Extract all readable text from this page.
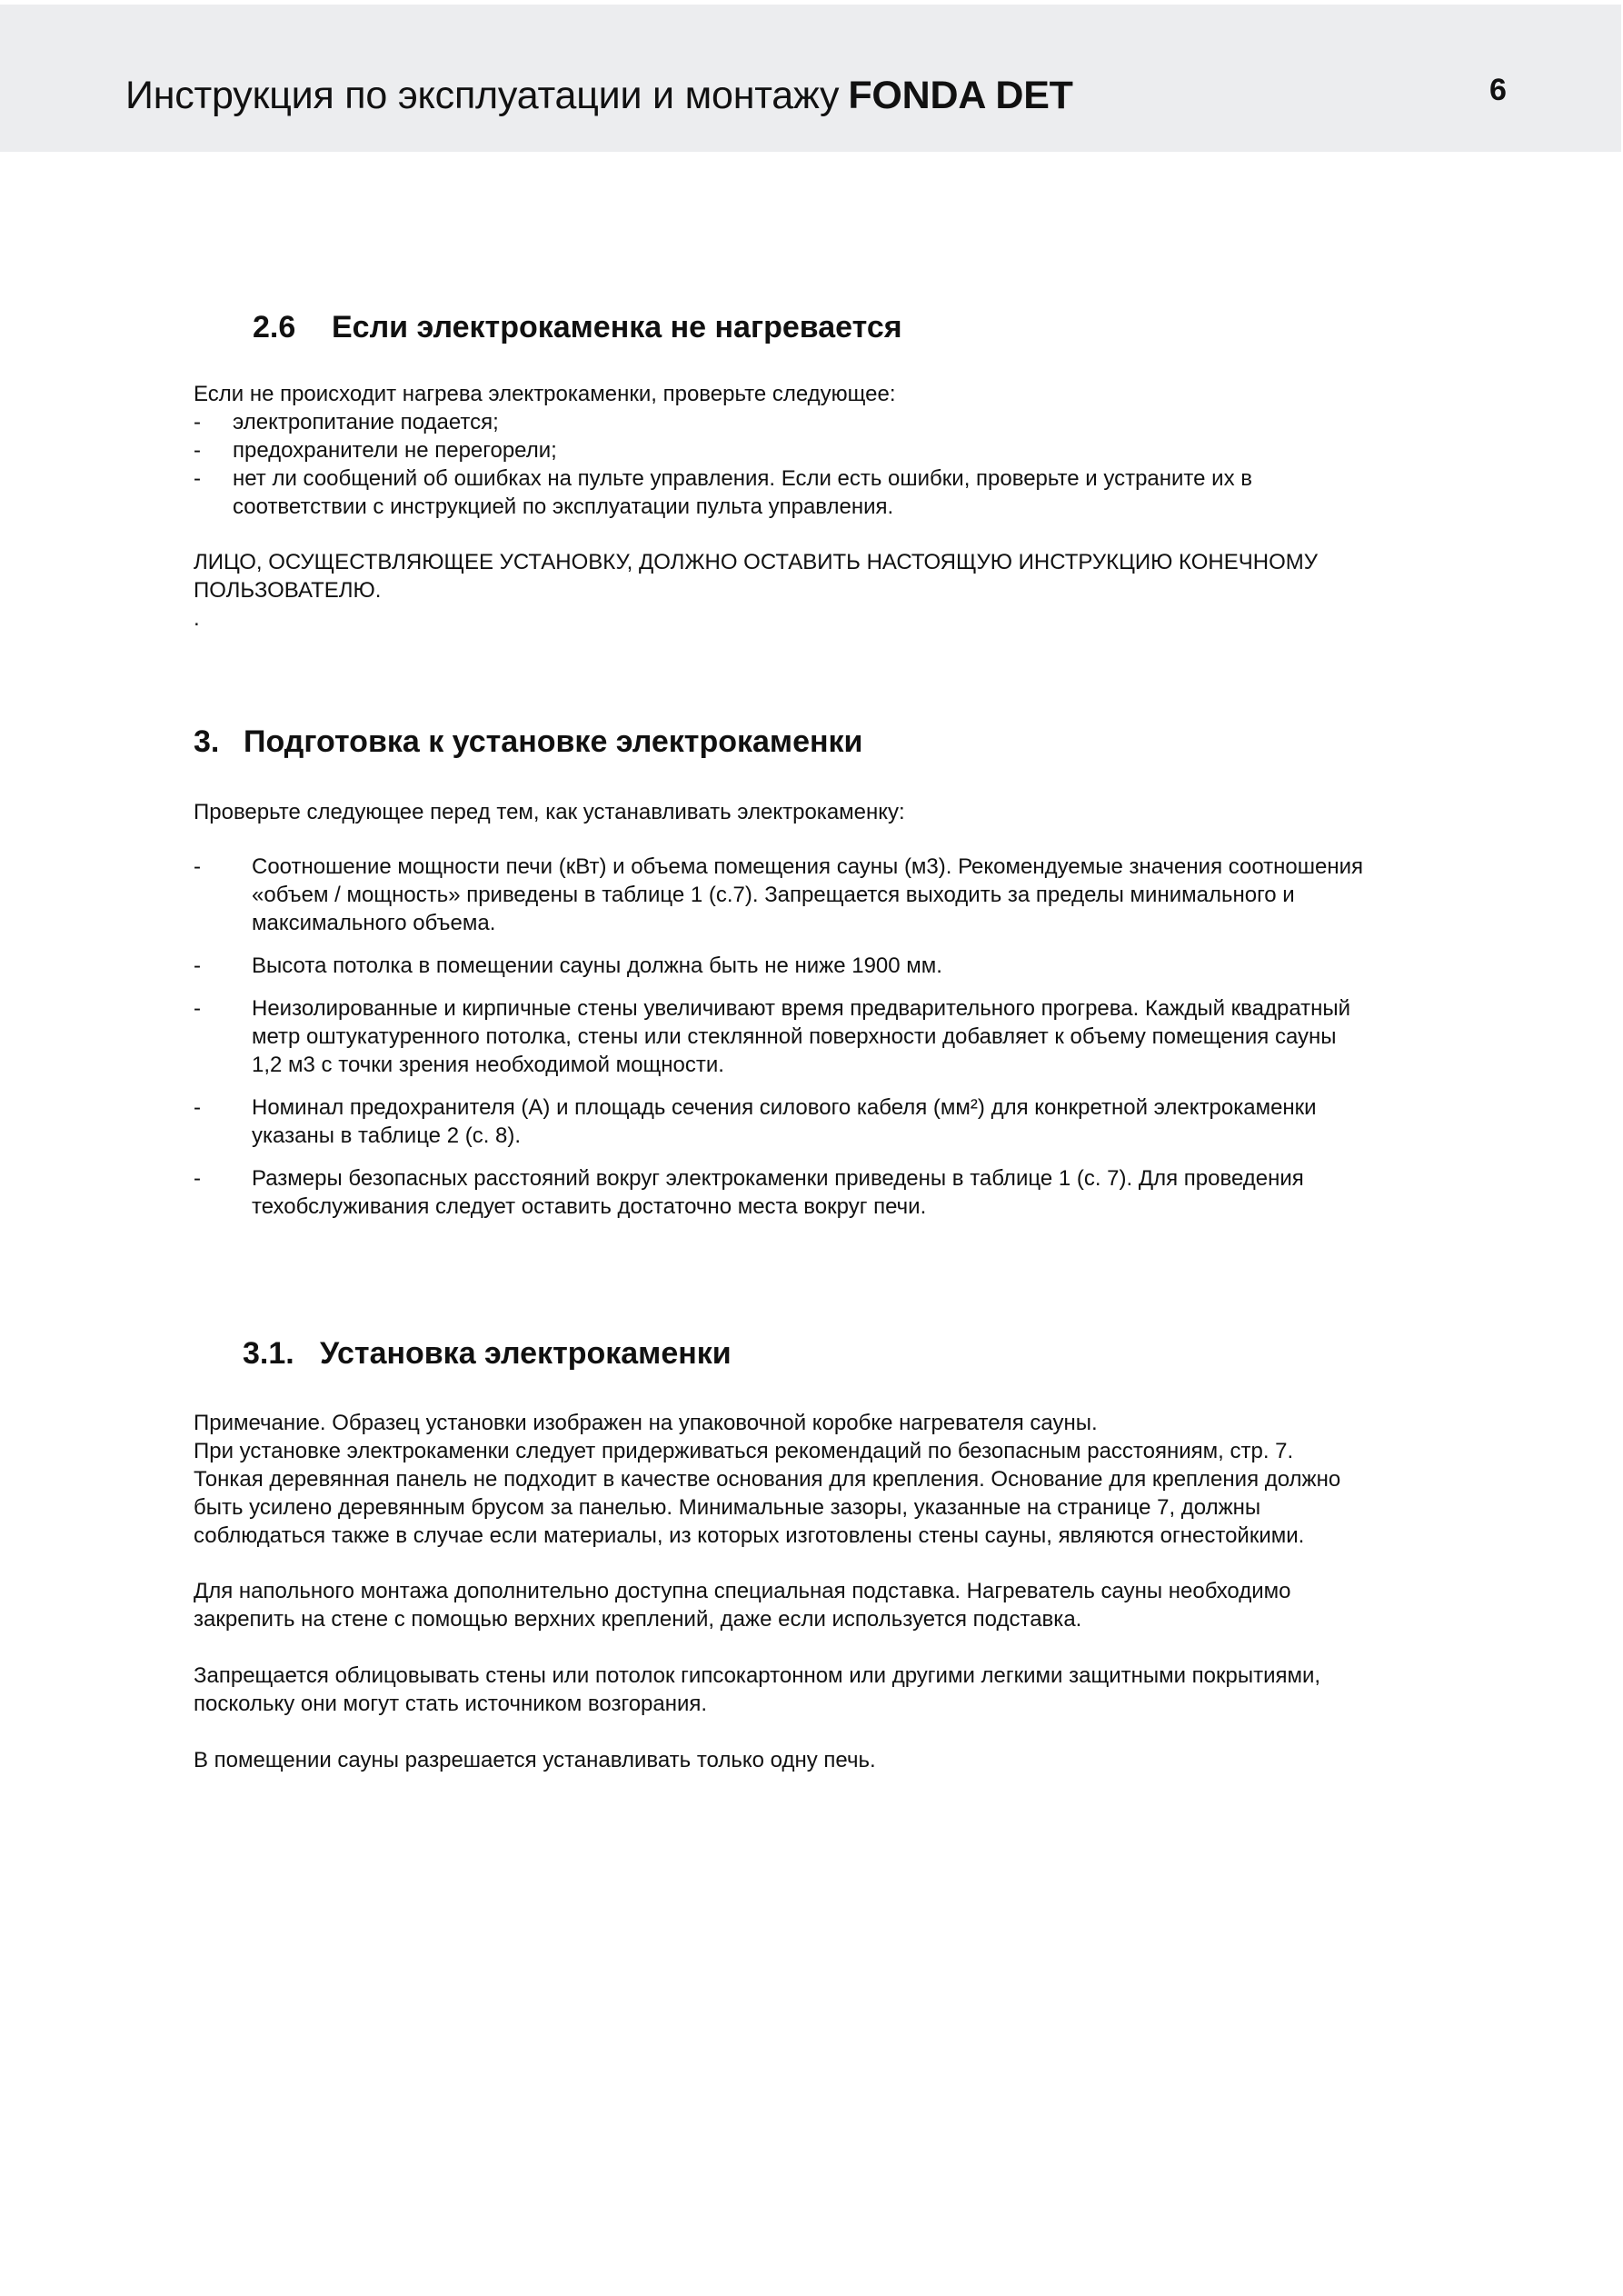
Инструкция по эксплуатации и монтажу FONDA DET	6
2.6 Если электрокаменка не нагревается
Если не происходит нагрева электрокаменки, проверьте следующее:
-	электропитание подается;
-	предохранители не перегорели;
-	нет ли сообщений об ошибках на пульте управления. Если есть ошибки, проверьте и устраните их в
соответствии с инструкцией по эксплуатации пульта управления.
ЛИЦО, ОСУЩЕСТВЛЯЮЩЕЕ УСТАНОВКУ, ДОЛЖНО ОСТАВИТЬ НАСТОЯЩУЮ ИНСТРУКЦИЮ КОНЕЧНОМУ
ПОЛЬЗОВАТЕЛЮ.
.
3. Подготовка к установке электрокаменки
Проверьте следующее перед тем, как устанавливать электрокаменку:
-	Соотношение мощности печи (кВт) и объема помещения сауны (м3). Рекомендуемые значения соотношения
«объем / мощность» приведены в таблице 1 (с.7). Запрещается выходить за пределы минимального и
максимального объема.
-	Высота потолка в помещении сауны должна быть не ниже 1900 мм.
-	Неизолированные и кирпичные стены увеличивают время предварительного прогрева. Каждый квадратный
метр оштукатуренного потолка, стены или стеклянной поверхности добавляет к объему помещения сауны
1,2 м3 с точки зрения необходимой мощности.
-	Номинал предохранителя (А) и площадь сечения силового кабеля (мм²) для конкретной электрокаменки
указаны в таблице 2 (с. 8).
-	Размеры безопасных расстояний вокруг электрокаменки приведены в таблице 1 (с. 7). Для проведения
техобслуживания следует оставить достаточно места вокруг печи.
3.1. Установка электрокаменки
Примечание. Образец установки изображен на упаковочной коробке нагревателя сауны.
При установке электрокаменки следует придерживаться рекомендаций по безопасным расстояниям, стр. 7.
Тонкая деревянная панель не подходит в качестве основания для крепления. Основание для крепления должно
быть усилено деревянным брусом за панелью. Минимальные зазоры, указанные на странице 7, должны
соблюдаться также в случае если материалы, из которых изготовлены стены сауны, являются огнестойкими.
Для напольного монтажа дополнительно доступна специальная подставка. Нагреватель сауны необходимо
закрепить на стене с помощью верхних креплений, даже если используется подставка.
Запрещается облицовывать стены или потолок гипсокартонном или другими легкими защитными покрытиями,
поскольку они могут стать источником возгорания.
В помещении сауны разрешается устанавливать только одну печь.
